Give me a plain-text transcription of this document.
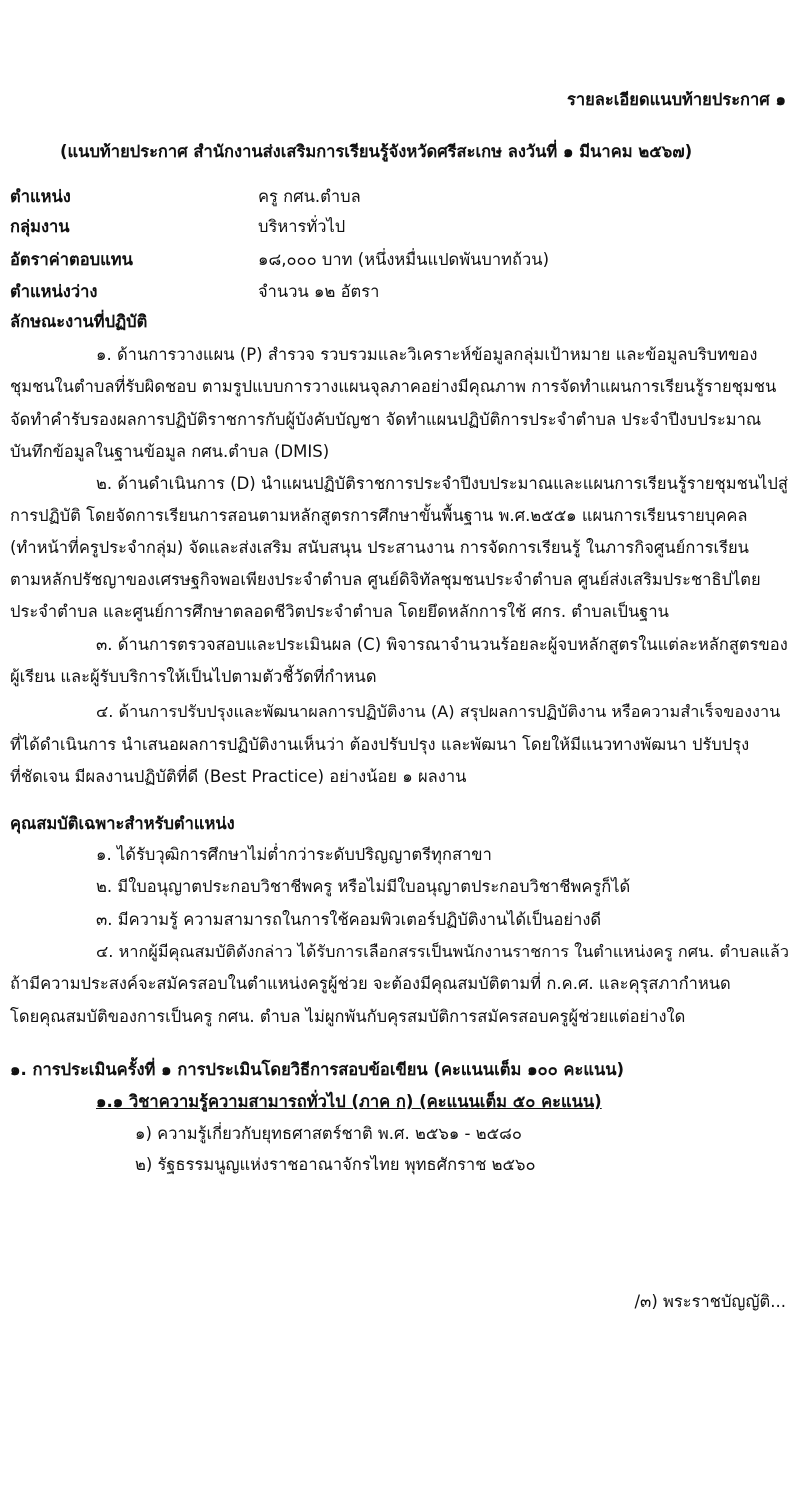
รายละเอียดแนบท้ายประกาศ ๑
(แนบท้ายประกาศ สำนักงานส่งเสริมการเรียนรู้จังหวัดศรีสะเกษ ลงวันที่ ๑ มีนาคม ๒๕๖๗)
ตำแหน่ง	ครู กศน.ตำบล
กลุ่มงาน	บริหารทั่วไป
อัตราค่าตอบแทน	๑๘,๐๐๐ บาท (หนึ่งหมื่นแปดพันบาทถ้วน)
ตำแหน่งว่าง	จำนวน ๑๒ อัตรา
ลักษณะงานที่ปฏิบัติ
๑. ด้านการวางแผน (P) สำรวจ รวบรวมและวิเคราะห์ข้อมูลกลุ่มเป้าหมาย และข้อมูลบริบทของ
ชุมชนในตำบลที่รับผิดชอบ ตามรูปแบบการวางแผนจุลภาคอย่างมีคุณภาพ การจัดทำแผนการเรียนรู้รายชุมชน
จัดทำคำรับรองผลการปฏิบัติราชการกับผู้บังคับบัญชา จัดทำแผนปฏิบัติการประจำตำบล ประจำปีงบประมาณ
บันทึกข้อมูลในฐานข้อมูล กศน.ตำบล (DMIS)
๒. ด้านดำเนินการ (D) นำแผนปฏิบัติราชการประจำปีงบประมาณและแผนการเรียนรู้รายชุมชนไปสู่
การปฏิบัติ โดยจัดการเรียนการสอนตามหลักสูตรการศึกษาขั้นพื้นฐาน พ.ศ.๒๕๕๑ แผนการเรียนรายบุคคล
(ทำหน้าที่ครูประจำกลุ่ม) จัดและส่งเสริม สนับสนุน ประสานงาน การจัดการเรียนรู้ ในภารกิจศูนย์การเรียน
ตามหลักปรัชญาของเศรษฐกิจพอเพียงประจำตำบล ศูนย์ดิจิทัลชุมชนประจำตำบล ศูนย์ส่งเสริมประชาธิปไตย
ประจำตำบล และศูนย์การศึกษาตลอดชีวิตประจำตำบล โดยยึดหลักการใช้ ศกร. ตำบลเป็นฐาน
๓. ด้านการตรวจสอบและประเมินผล (C) พิจารณาจำนวนร้อยละผู้จบหลักสูตรในแต่ละหลักสูตรของ
ผู้เรียน และผู้รับบริการให้เป็นไปตามตัวชี้วัดที่กำหนด
๔. ด้านการปรับปรุงและพัฒนาผลการปฏิบัติงาน (A) สรุปผลการปฏิบัติงาน หรือความสำเร็จของงาน
ที่ได้ดำเนินการ นำเสนอผลการปฏิบัติงานเห็นว่า ต้องปรับปรุง และพัฒนา โดยให้มีแนวทางพัฒนา ปรับปรุง
ที่ชัดเจน มีผลงานปฏิบัติที่ดี (Best Practice) อย่างน้อย ๑ ผลงาน
คุณสมบัติเฉพาะสำหรับตำแหน่ง
๑. ได้รับวุฒิการศึกษาไม่ต่ำกว่าระดับปริญญาตรีทุกสาขา
๒. มีใบอนุญาตประกอบวิชาชีพครู หรือไม่มีใบอนุญาตประกอบวิชาชีพครูก็ได้
๓. มีความรู้ ความสามารถในการใช้คอมพิวเตอร์ปฏิบัติงานได้เป็นอย่างดี
๔. หากผู้มีคุณสมบัติดังกล่าว ได้รับการเลือกสรรเป็นพนักงานราชการ ในตำแหน่งครู กศน. ตำบลแล้ว
ถ้ามีความประสงค์จะสมัครสอบในตำแหน่งครูผู้ช่วย จะต้องมีคุณสมบัติตามที่ ก.ค.ศ. และคุรุสภากำหนด
โดยคุณสมบัติของการเป็นครู กศน. ตำบล ไม่ผูกพันกับคุรสมบัติการสมัครสอบครูผู้ช่วยแต่อย่างใด
๑. การประเมินครั้งที่ ๑ การประเมินโดยวิธีการสอบข้อเขียน (คะแนนเต็ม ๑๐๐ คะแนน)
๑.๑ วิชาความรู้ความสามารถทั่วไป (ภาค ก) (คะแนนเต็ม ๕๐ คะแนน)
๑) ความรู้เกี่ยวกับยุทธศาสตร์ชาติ พ.ศ. ๒๕๖๑ - ๒๕๘๐
๒) รัฐธรรมนูญแห่งราชอาณาจักรไทย พุทธศักราช ๒๕๖๐
/๓) พระราชบัญญัติ...
